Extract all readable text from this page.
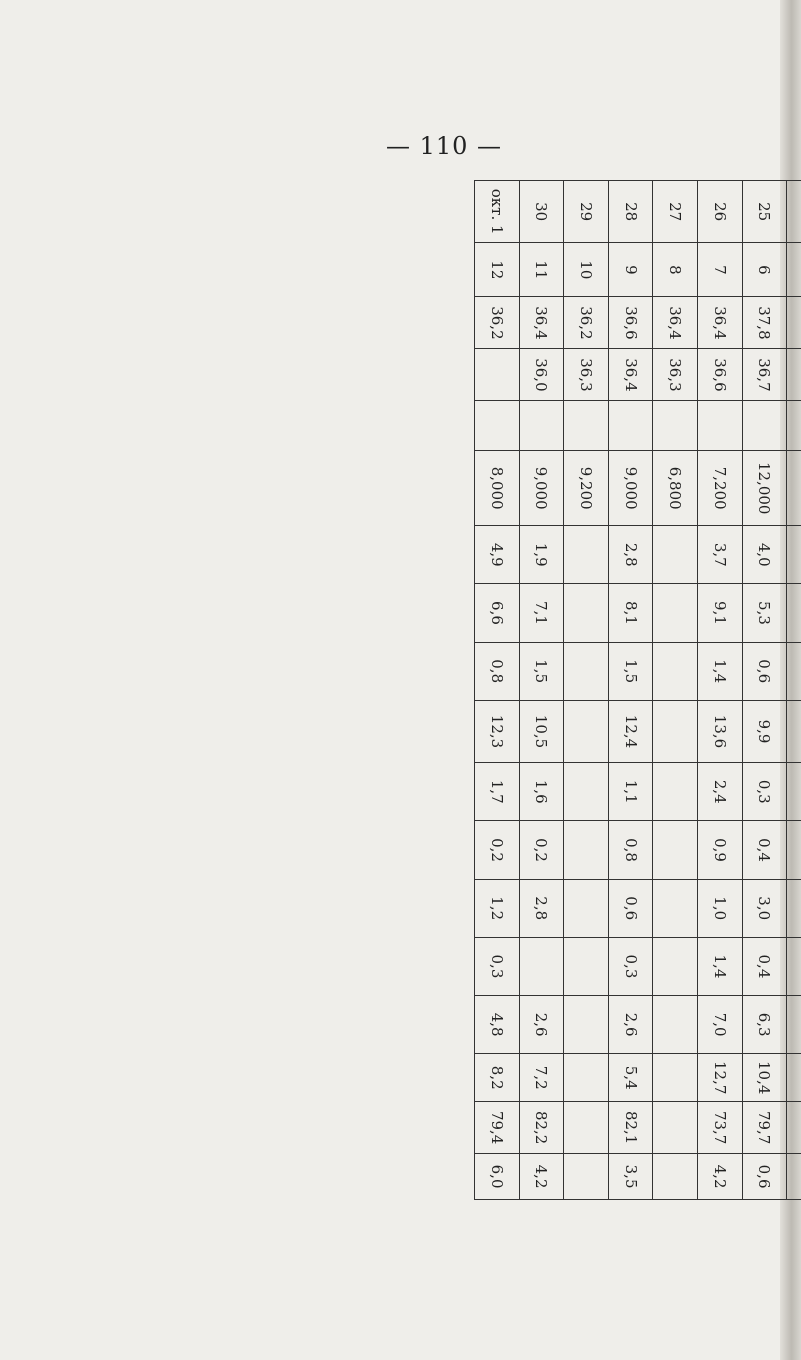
— 110 —

25	6	37,8	36,7		12,000	4,0	5,3	0,6	9,9	0,3	0,4	3,0	0,4	6,3	10,4	79,7	0,6
26	7	36,4	36,6		7,200	3,7	9,1	1,4	13,6	2,4	0,9	1,0	1,4	7,0	12,7	73,7	4,2
27	8	36,4	36,3		6,800												
28	9	36,6	36,4		9,000	2,8	8,1	1,5	12,4	1,1	0,8	0,6	0,3	2,6	5,4	82,1	3,5
29	10	36,2	36,3		9,200												
30	11	36,4	36,0		9,000	1,9	7,1	1,5	10,5	1,6	0,2	2,8		2,6	7,2	82,2	4,2
окт. 1	12	36,2			8,000	4,9	6,6	0,8	12,3	1,7	0,2	1,2	0,3	4,8	8,2	79,4	6,0
